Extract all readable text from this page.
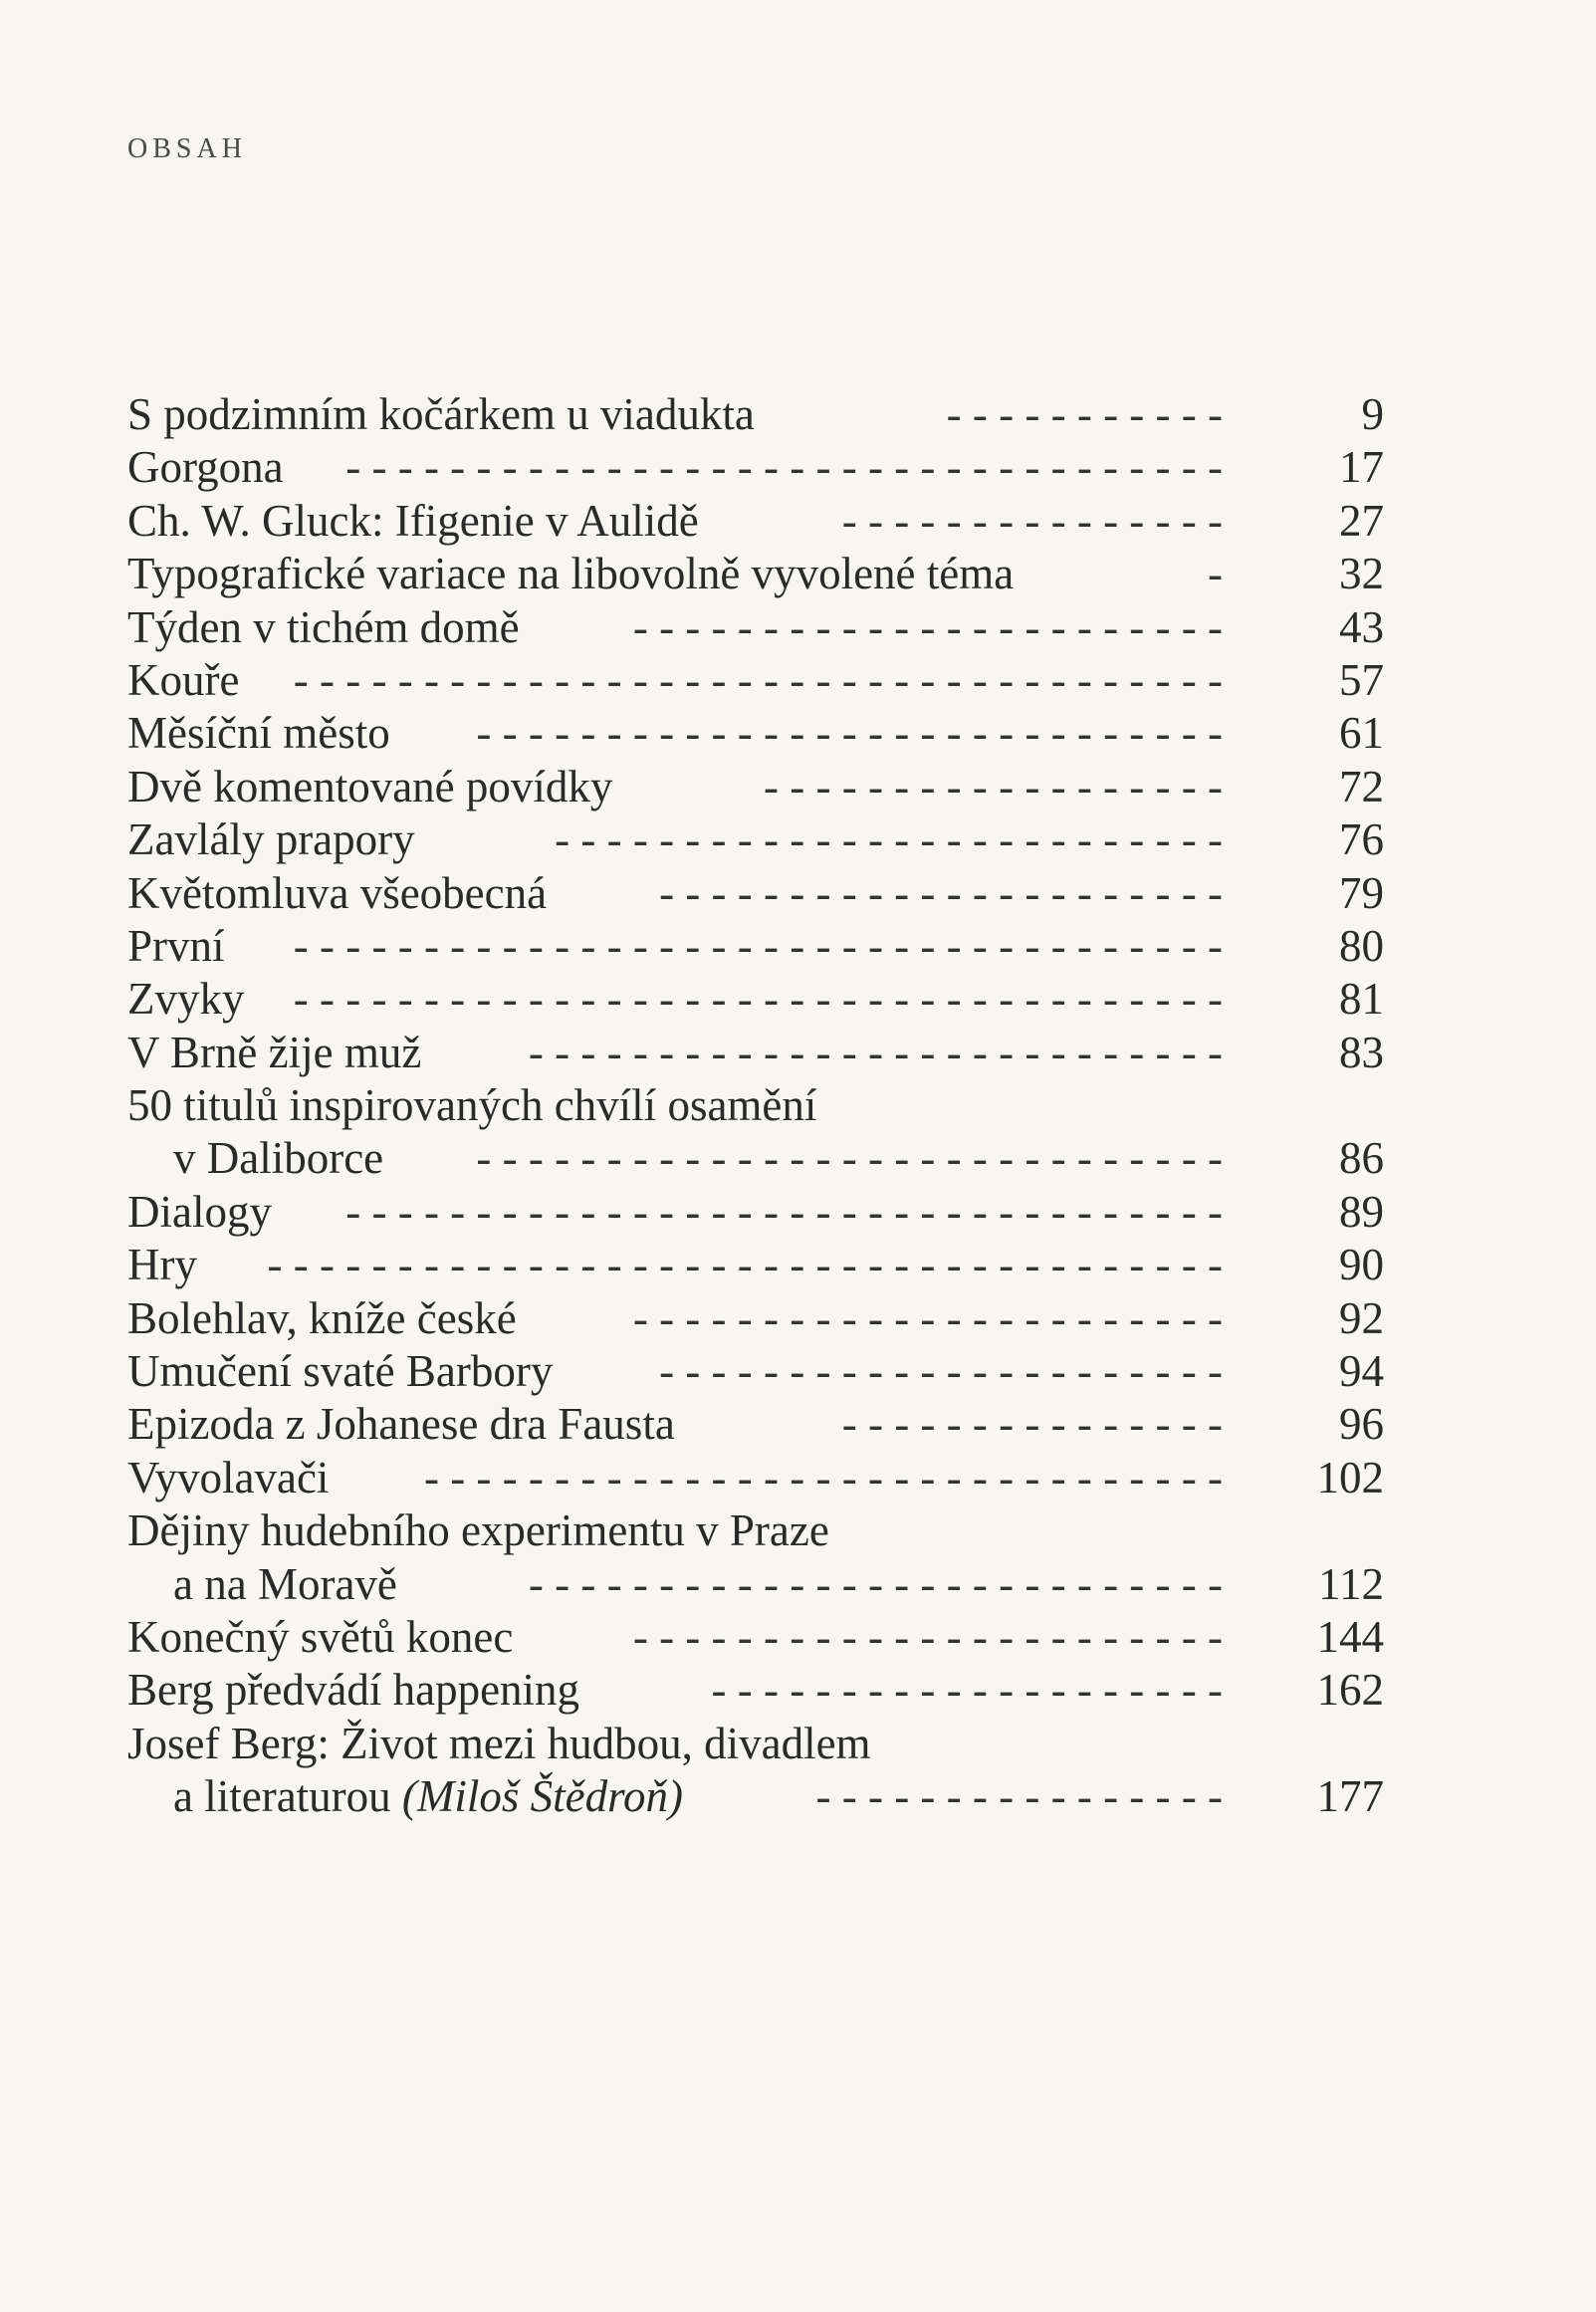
OBSAH
S podzimním kočárkem u viadukta	- - - - - - - - - - -	9
Gorgona - - - - - - - - - - - - - - - - - - - - - - - - - - - - - - - - - -	17
Ch. W. Gluck: Ifigenie v Aulidě	- - - - - - - - - - - - - - -	27
Typografické variace na libovolně vyvolené téma	-	32
Týden v tichém domě	- - - - - - - - - - - - - - - - - - - - - - -	43
Kouře - - - - - - - - - - - - - - - - - - - - - - - - - - - - - - - - - - - -	57
Měsíční město - - - - - - - - - - - - - - - - - - - - - - - - - - - - -	61
Dvě komentované povídky	- - - - - - - - - - - - - - - - - -	72
Zavlály prapory	- - - - - - - - - - - - - - - - - - - - - - - - - -	76
Květomluva všeobecná	- - - - - - - - - - - - - - - - - - - - - -	79
První - - - - - - - - - - - - - - - - - - - - - - - - - - - - - - - - - - - -	80
Zvyky - - - - - - - - - - - - - - - - - - - - - - - - - - - - - - - - - - - -	81
V Brně žije muž - - - - - - - - - - - - - - - - - - - - - - - - - - -	83
50 titulů inspirovaných chvílí osamění
v Daliborce - - - - - - - - - - - - - - - - - - - - - - - - - - - - -	86
Dialogy - - - - - - - - - - - - - - - - - - - - - - - - - - - - - - - - - -	89
Hry - - - - - - - - - - - - - - - - - - - - - - - - - - - - - - - - - - - - -	90
Bolehlav, kníže české	- - - - - - - - - - - - - - - - - - - - - - -	92
Umučení svaté Barbory - - - - - - - - - - - - - - - - - - - - - -	94
Epizoda z Johanese dra Fausta	- - - - - - - - - - - - - - -	96
Vyvolavači - - - - - - - - - - - - - - - - - - - - - - - - - - - - - - -	102
Dějiny hudebního experimentu v Praze
a na Moravě	- - - - - - - - - - - - - - - - - - - - - - - - - - -	112
Konečný světů konec	- - - - - - - - - - - - - - - - - - - - - - -	144
Berg předvádí happening	- - - - - - - - - - - - - - - - - - - -	162
Josef Berg: Život mezi hudbou, divadlem
a literaturou (Miloš Štědroň)	- - - - - - - - - - - - - - - -	177
